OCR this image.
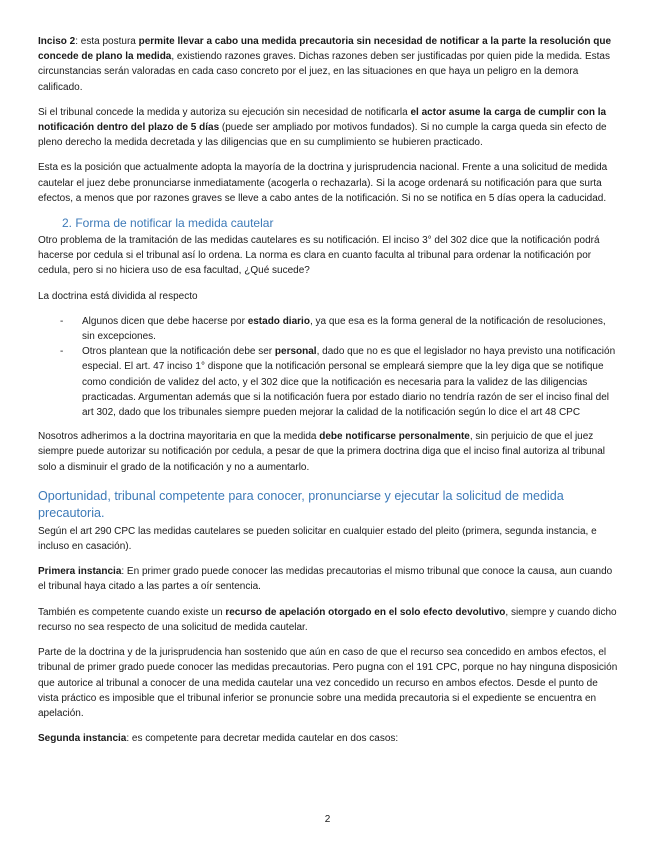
Inciso 2: esta postura permite llevar a cabo una medida precautoria sin necesidad de notificar a la parte la resolución que concede de plano la medida, existiendo razones graves. Dichas razones deben ser justificadas por quien pide la medida. Estas circunstancias serán valoradas en cada caso concreto por el juez, en las situaciones en que haya un peligro en la demora calificado.

Si el tribunal concede la medida y autoriza su ejecución sin necesidad de notificarla el actor asume la carga de cumplir con la notificación dentro del plazo de 5 días (puede ser ampliado por motivos fundados). Si no cumple la carga queda sin efecto de pleno derecho la medida decretada y las diligencias que en su cumplimiento se hubieren practicado.

Esta es la posición que actualmente adopta la mayoría de la doctrina y jurisprudencia nacional. Frente a una solicitud de medida cautelar el juez debe pronunciarse inmediatamente (acogerla o rechazarla). Si la acoge ordenará su notificación para que surta efectos, a menos que por razones graves se lleve a cabo antes de la notificación. Si no se notifica en 5 días opera la caducidad.

2. Forma de notificar la medida cautelar

Otro problema de la tramitación de las medidas cautelares es su notificación. El inciso 3° del 302 dice que la notificación podrá hacerse por cedula si el tribunal así lo ordena. La norma es clara en cuanto faculta al tribunal para ordenar la notificación por cedula, pero si no hiciera uso de esa facultad, ¿Qué sucede?

La doctrina está dividida al respecto

- Algunos dicen que debe hacerse por estado diario, ya que esa es la forma general de la notificación de resoluciones, sin excepciones.
- Otros plantean que la notificación debe ser personal, dado que no es que el legislador no haya previsto una notificación especial. El art. 47 inciso 1° dispone que la notificación personal se empleará siempre que la ley diga que se notifique como condición de validez del acto, y el 302 dice que la notificación es necesaria para la validez de las diligencias practicadas. Argumentan además que si la notificación fuera por estado diario no tendría razón de ser el inciso final del art 302, dado que los tribunales siempre pueden mejorar la calidad de la notificación según lo dice el art 48 CPC

Nosotros adherimos a la doctrina mayoritaria en que la medida debe notificarse personalmente, sin perjuicio de que el juez siempre puede autorizar su notificación por cedula, a pesar de que la primera doctrina diga que el inciso final autoriza al tribunal solo a disminuir el grado de la notificación y no a aumentarlo.

Oportunidad, tribunal competente para conocer, pronunciarse y ejecutar la solicitud de medida precautoria.

Según el art 290 CPC las medidas cautelares se pueden solicitar en cualquier estado del pleito (primera, segunda instancia, e incluso en casación).

Primera instancia: En primer grado puede conocer las medidas precautorias el mismo tribunal que conoce la causa, aun cuando el tribunal haya citado a las partes a oír sentencia.

También es competente cuando existe un recurso de apelación otorgado en el solo efecto devolutivo, siempre y cuando dicho recurso no sea respecto de una solicitud de medida cautelar.

Parte de la doctrina y de la jurisprudencia han sostenido que aún en caso de que el recurso sea concedido en ambos efectos, el tribunal de primer grado puede conocer las medidas precautorias. Pero pugna con el 191 CPC, porque no hay ninguna disposición que autorice al tribunal a conocer de una medida cautelar una vez concedido un recurso en ambos efectos. Desde el punto de vista práctico es imposible que el tribunal inferior se pronuncie sobre una medida precautoria si el expediente se encuentra en apelación.

Segunda instancia: es competente para decretar medida cautelar en dos casos:

2
